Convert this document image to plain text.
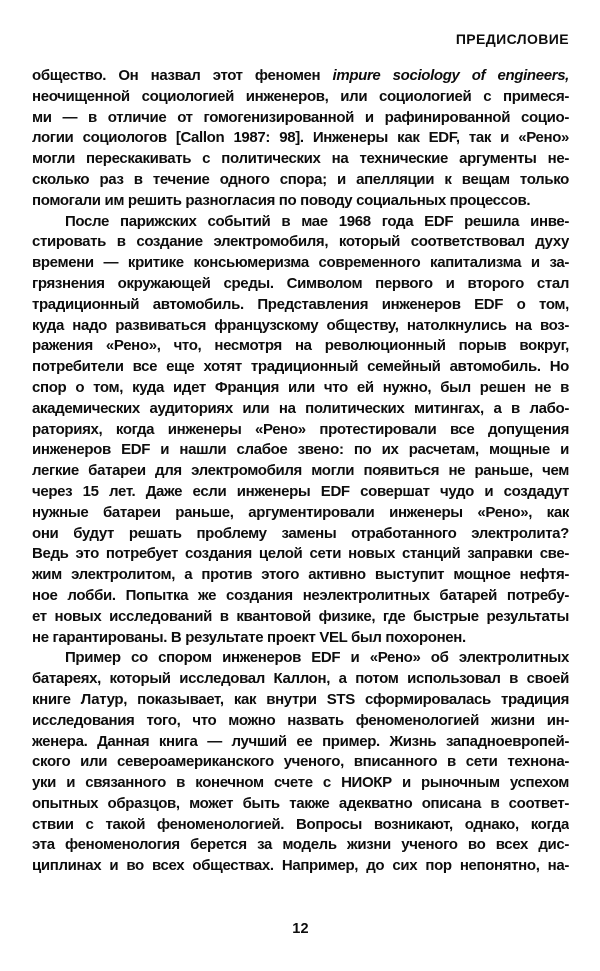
ПРЕДИСЛОВИЕ
общество. Он назвал этот феномен impure sociology of engineers,
неочищенной социологией инженеров, или социологией с примеся-
ми — в отличие от гомогенизированной и рафинированной социо-
логии социологов [Callon 1987: 98]. Инженеры как EDF, так и «Рено»
могли перескакивать с политических на технические аргументы не-
сколько раз в течение одного спора; и апелляции к вещам только
помогали им решить разногласия по поводу социальных процессов.
После парижских событий в мае 1968 года EDF решила инве-
стировать в создание электромобиля, который соответствовал духу
времени — критике консьюмеризма современного капитализма и за-
грязнения окружающей среды. Символом первого и второго стал
традиционный автомобиль. Представления инженеров EDF о том,
куда надо развиваться французскому обществу, натолкнулись на воз-
ражения «Рено», что, несмотря на революционный порыв вокруг,
потребители все еще хотят традиционный семейный автомобиль. Но
спор о том, куда идет Франция или что ей нужно, был решен не в
академических аудиториях или на политических митингах, а в лабо-
раториях, когда инженеры «Рено» протестировали все допущения
инженеров EDF и нашли слабое звено: по их расчетам, мощные и
легкие батареи для электромобиля могли появиться не раньше, чем
через 15 лет. Даже если инженеры EDF совершат чудо и создадут
нужные батареи раньше, аргументировали инженеры «Рено», как
они будут решать проблему замены отработанного электролита?
Ведь это потребует создания целой сети новых станций заправки све-
жим электролитом, а против этого активно выступит мощное нефтя-
ное лобби. Попытка же создания неэлектролитных батарей потребу-
ет новых исследований в квантовой физике, где быстрые результаты
не гарантированы. В результате проект VEL был похоронен.
Пример со спором инженеров EDF и «Рено» об электролитных
батареях, который исследовал Каллон, а потом использовал в своей
книге Латур, показывает, как внутри STS сформировалась традиция
исследования того, что можно назвать феноменологией жизни ин-
женера. Данная книга — лучший ее пример. Жизнь западноевропей-
ского или североамериканского ученого, вписанного в сети технона-
уки и связанного в конечном счете с НИОКР и рыночным успехом
опытных образцов, может быть также адекватно описана в соответ-
ствии с такой феноменологией. Вопросы возникают, однако, когда
эта феноменология берется за модель жизни ученого во всех дис-
циплинах и во всех обществах. Например, до сих пор непонятно, на-
12
